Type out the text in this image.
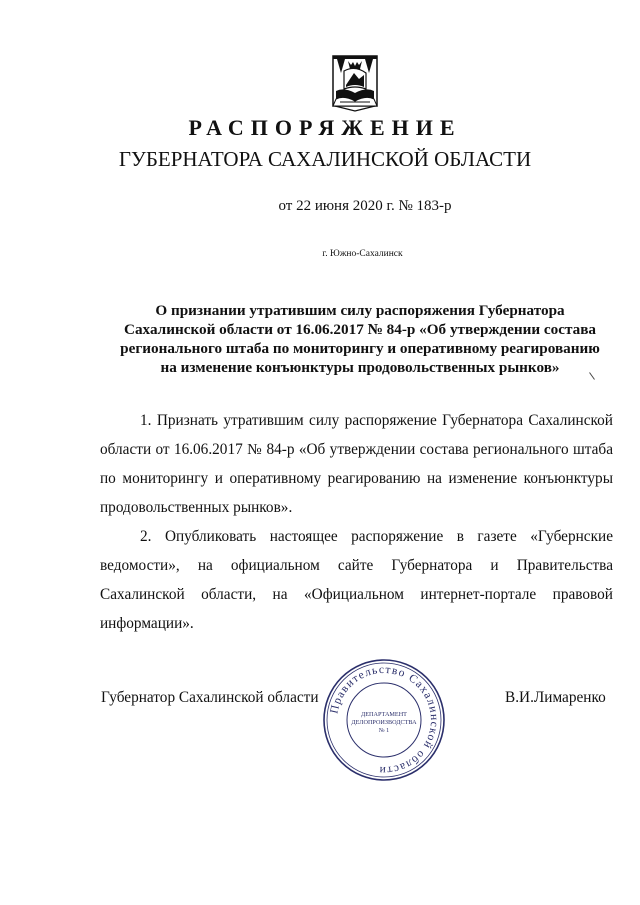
РАСПОРЯЖЕНИЕ
ГУБЕРНАТОРА САХАЛИНСКОЙ ОБЛАСТИ
от 22 июня 2020 г. № 183-р
г. Южно-Сахалинск
О признании утратившим силу распоряжения Губернатора
Сахалинской области от 16.06.2017 № 84-р «Об утверждении состава
регионального штаба по мониторингу и оперативному реагированию
на изменение конъюнктуры продовольственных рынков»

1. Признать утратившим силу распоряжение Губернатора Сахалинской области от 16.06.2017 № 84-р «Об утверждении состава регионального штаба по мониторингу и оперативному реагированию на изменение конъюнктуры продовольственных рынков».

2. Опубликовать настоящее распоряжение в газете «Губернские ведомости», на официальном сайте Губернатора и Правительства Сахалинской области, на «Официальном интернет-портале правовой информации».

Губернатор Сахалинской области
Правительство Сахалинской области
ДЕПАРТАМЕНТ
ДЕЛОПРОИЗВОДСТВА
№ 1
В.И.Лимаренко
